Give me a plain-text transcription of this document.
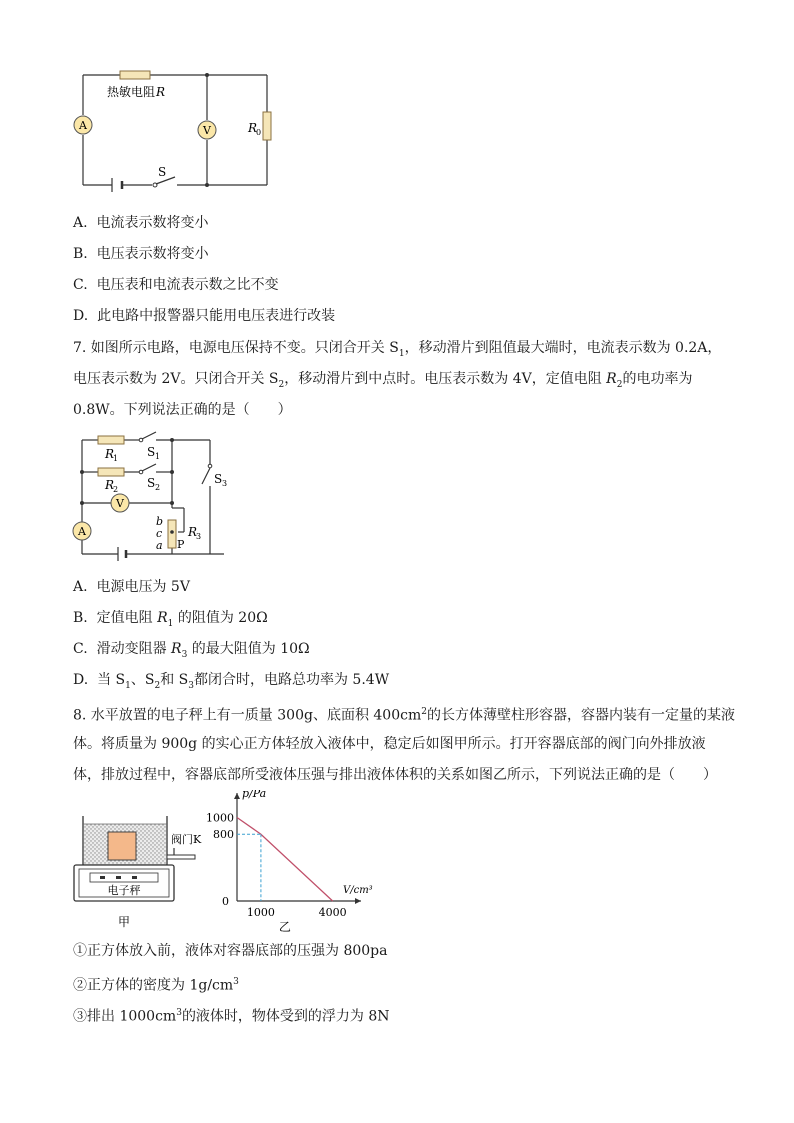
A	V
S
热敏电阻 R
R
0
A. 电流表示数将变小
B. 电压表示数将变小
C. 电压表和电流表示数之比不变
D. 此电路中报警器只能用电压表进行改装
7. 如图所示电路，电源电压保持不变。只闭合开关 $S_1$，移动滑片到阻值最大端时，电流表示数为 0.2A，
电压表示数为 2V。只闭合开关 $S_2$，移动滑片到中点时。电压表示数为 4V，定值电阻 $R_2$的电功率为
0.8W。下列说法正确的是（　　）
V
A
R
1 S 1
R
2 S 2
S 3
R
3
b
c
a P
A. 电源电压为 5V
B. 定值电阻 $R_1$ 的阻值为 20Ω
C. 滑动变阻器 $R_3$ 的最大阻值为 10Ω
D. 当 $S_1$、$S_2$和 $S_3$都闭合时，电路总功率为 5.4W
8. 水平放置的电子秤上有一质量 300g、底面积 $400cm^2$的长方体薄壁柱形容器，容器内装有一定量的某液
体。将质量为 900g 的实心正方体轻放入液体中，稳定后如图甲所示。打开容器底部的阀门向外排放液
体，排放过程中，容器底部所受液体压强与排出液体体积的关系如图乙所示，下列说法正确的是（　　）
阀门K
电子秤
甲
p/Pa
V/cm³
0
1000
800
1000	4000
乙
①正方体放入前，液体对容器底部的压强为 800pa
②正方体的密度为 $1g/cm^3$
③排出 $1000cm^3$的液体时，物体受到的浮力为 8N
